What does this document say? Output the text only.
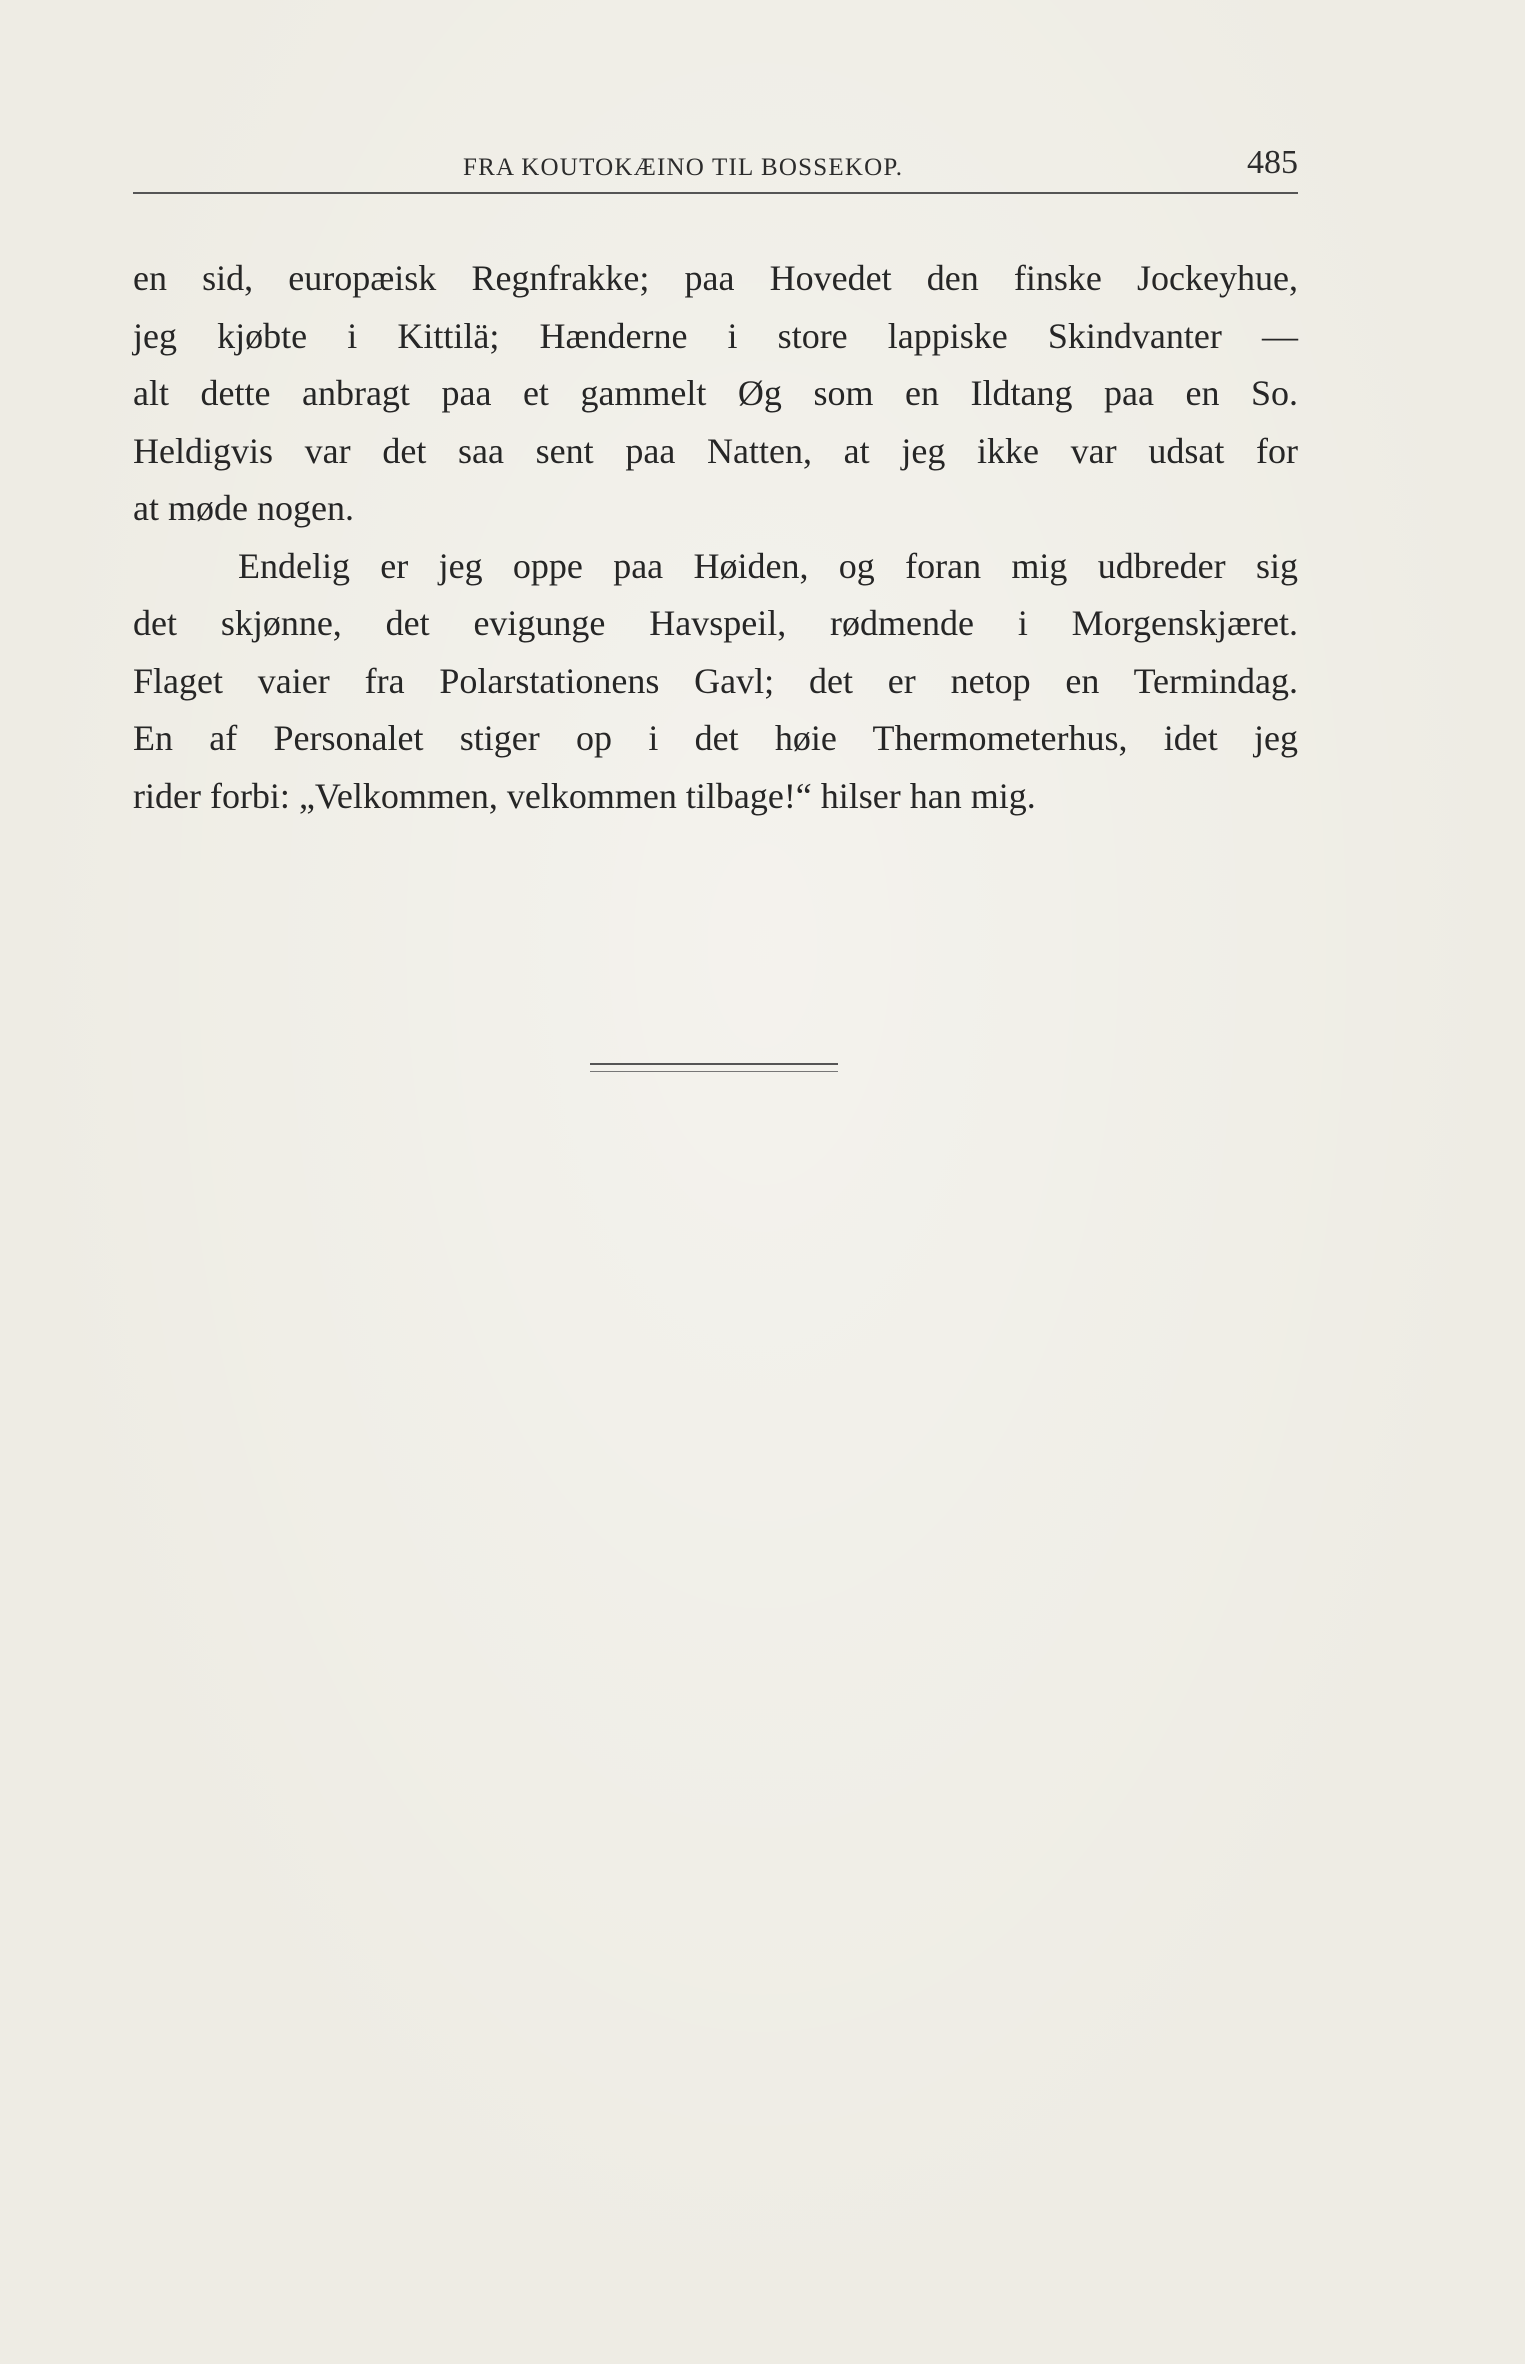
FRA KOUTOKÆINO TIL BOSSEKOP.	485
en sid, europæisk Regnfrakke; paa Hovedet den finske Jockeyhue,
jeg kjøbte i Kittilä; Hænderne i store lappiske Skindvanter —
alt dette anbragt paa et gammelt Øg som en Ildtang paa en So.
Heldigvis var det saa sent paa Natten, at jeg ikke var udsat for
at møde nogen.
Endelig er jeg oppe paa Høiden, og foran mig udbreder sig
det skjønne, det evigunge Havspeil, rødmende i Morgenskjæret.
Flaget vaier fra Polarstationens Gavl; det er netop en Termindag.
En af Personalet stiger op i det høie Thermometerhus, idet jeg
rider forbi: „Velkommen, velkommen tilbage!“ hilser han mig.
